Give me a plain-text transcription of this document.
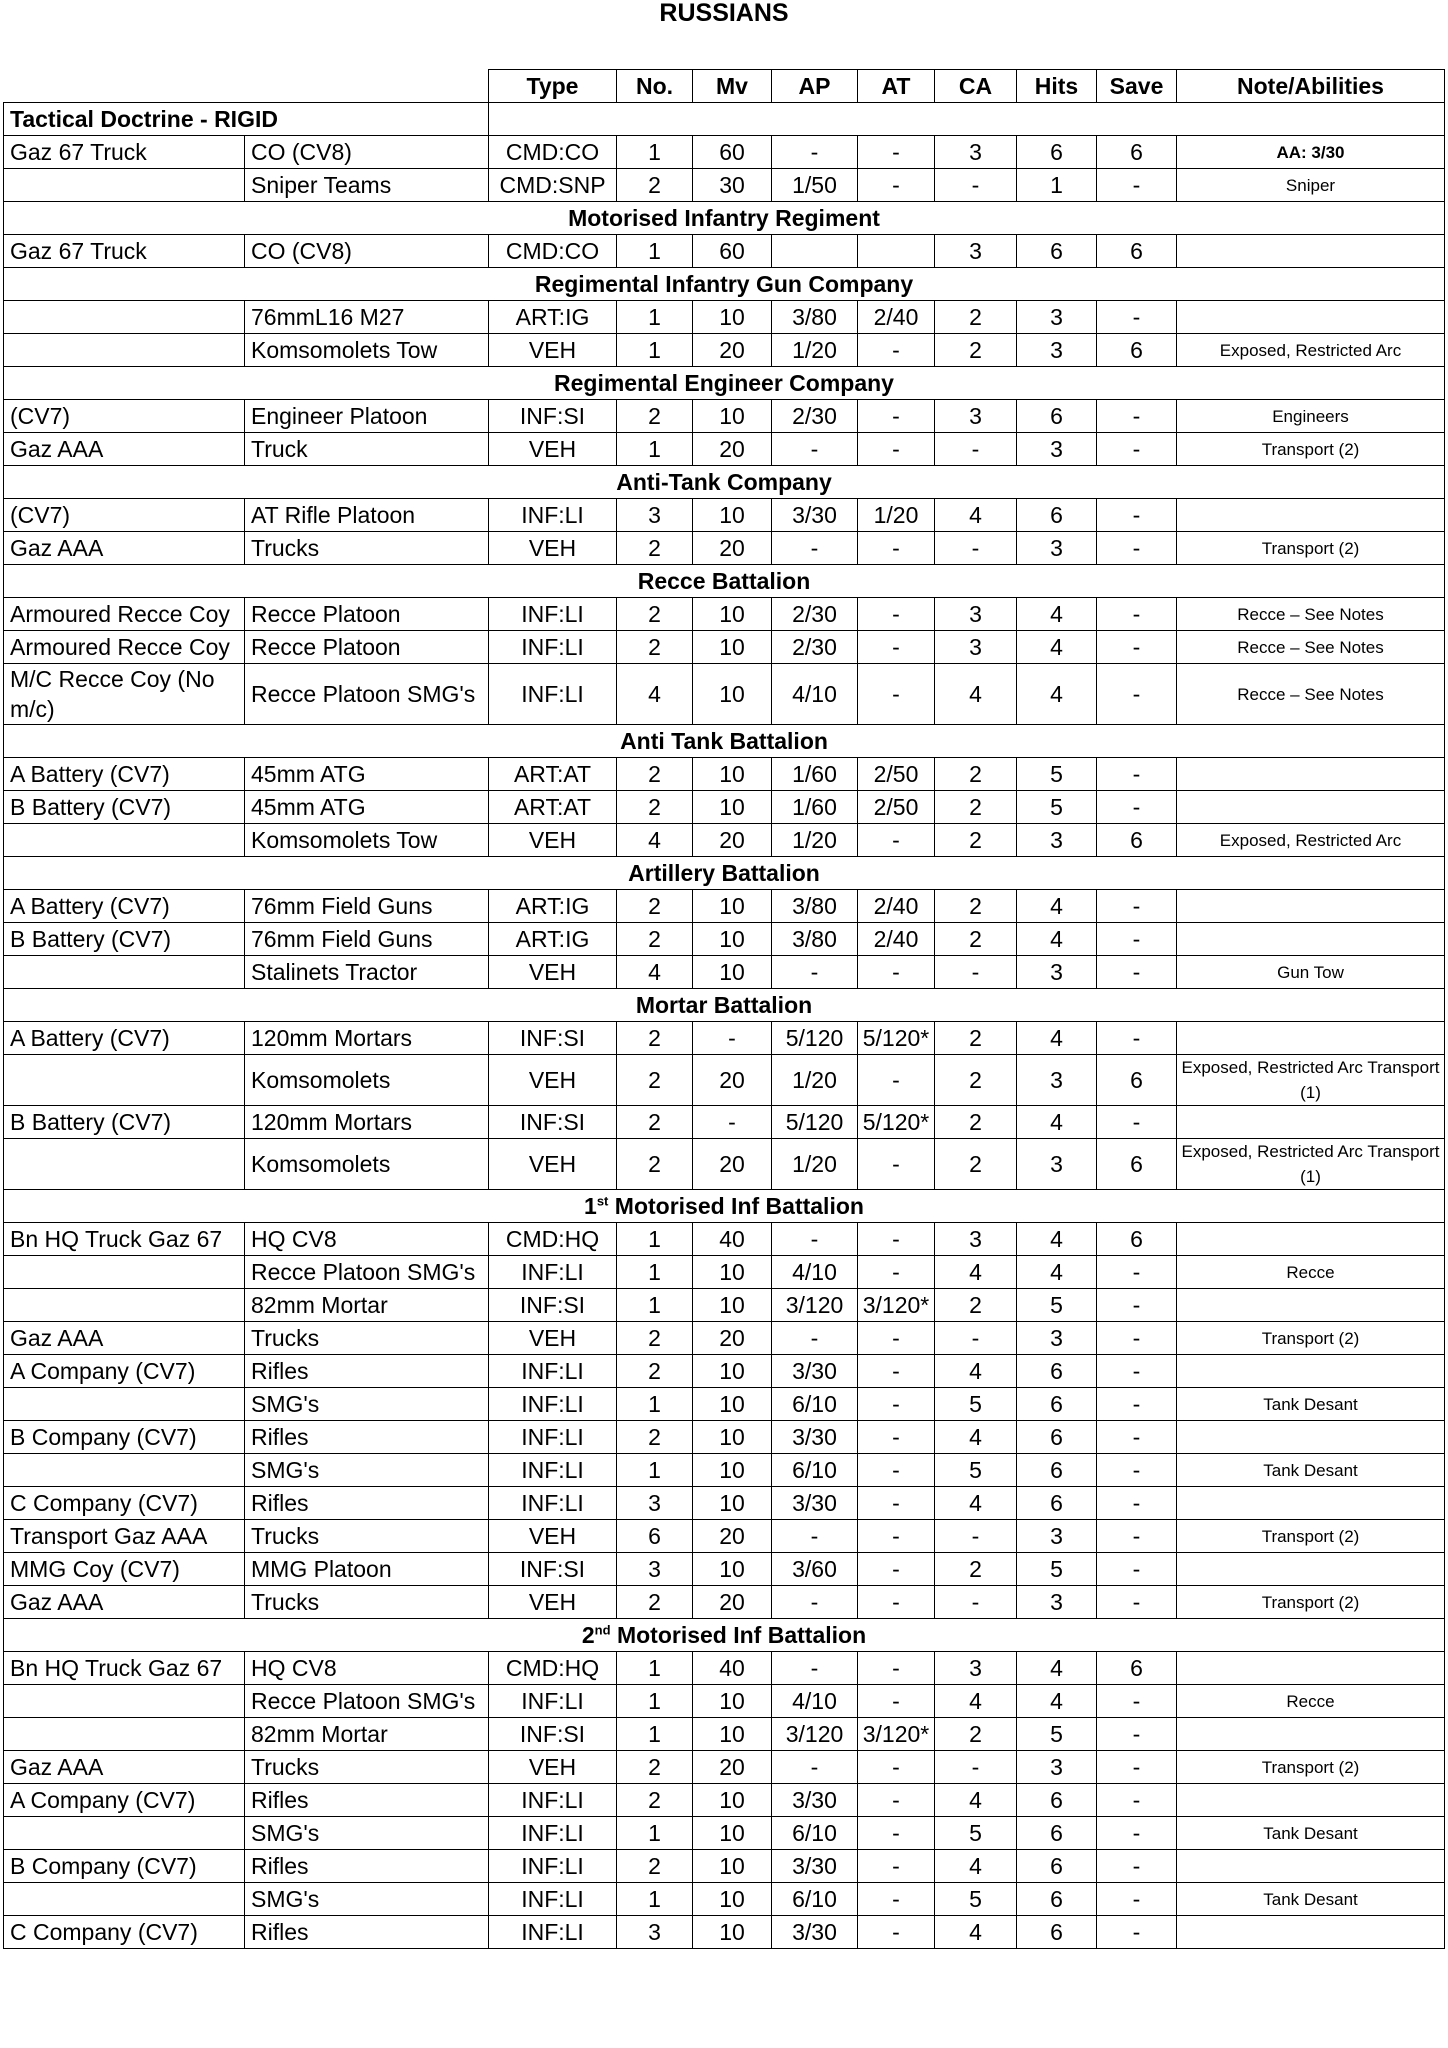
RUSSIANS
		Type	No.	Mv	AP	AT	CA	Hits	Save	Note/Abilities
Tactical Doctrine - RIGID										
Gaz 67 Truck	CO (CV8)	CMD:CO	1	60	-	-	3	6	6	AA: 3/30
	Sniper Teams	CMD:SNP	2	30	1/50	-	-	1	-	Sniper
Motorised Infantry Regiment										
Gaz 67 Truck	CO (CV8)	CMD:CO	1	60			3	6	6	
Regimental Infantry Gun Company										
	76mmL16 M27	ART:IG	1	10	3/80	2/40	2	3	-	
	Komsomolets Tow	VEH	1	20	1/20	-	2	3	6	Exposed, Restricted Arc
Regimental Engineer Company										
(CV7)	Engineer Platoon	INF:SI	2	10	2/30	-	3	6	-	Engineers
Gaz AAA	Truck	VEH	1	20	-	-	-	3	-	Transport (2)
Anti-Tank Company										
(CV7)	AT Rifle Platoon	INF:LI	3	10	3/30	1/20	4	6	-	
Gaz AAA	Trucks	VEH	2	20	-	-	-	3	-	Transport (2)
Recce Battalion										
Armoured Recce Coy	Recce Platoon	INF:LI	2	10	2/30	-	3	4	-	Recce – See Notes
Armoured Recce Coy	Recce Platoon	INF:LI	2	10	2/30	-	3	4	-	Recce – See Notes
M/C Recce Coy (No m/c)	Recce Platoon SMG's	INF:LI	4	10	4/10	-	4	4	-	Recce – See Notes
Anti Tank Battalion										
A Battery (CV7)	45mm ATG	ART:AT	2	10	1/60	2/50	2	5	-	
B Battery (CV7)	45mm ATG	ART:AT	2	10	1/60	2/50	2	5	-	
	Komsomolets Tow	VEH	4	20	1/20	-	2	3	6	Exposed, Restricted Arc
Artillery Battalion										
A Battery (CV7)	76mm Field Guns	ART:IG	2	10	3/80	2/40	2	4	-	
B Battery (CV7)	76mm Field Guns	ART:IG	2	10	3/80	2/40	2	4	-	
	Stalinets Tractor	VEH	4	10	-	-	-	3	-	Gun Tow
Mortar Battalion										
A Battery (CV7)	120mm Mortars	INF:SI	2	-	5/120	5/120*	2	4	-	
	Komsomolets	VEH	2	20	1/20	-	2	3	6	Exposed, Restricted Arc Transport (1)
B Battery (CV7)	120mm Mortars	INF:SI	2	-	5/120	5/120*	2	4	-	
	Komsomolets	VEH	2	20	1/20	-	2	3	6	Exposed, Restricted Arc Transport (1)
1st Motorised Inf Battalion										
Bn HQ Truck Gaz 67	HQ CV8	CMD:HQ	1	40	-	-	3	4	6	
	Recce Platoon SMG's	INF:LI	1	10	4/10	-	4	4	-	Recce
	82mm Mortar	INF:SI	1	10	3/120	3/120*	2	5	-	
Gaz AAA	Trucks	VEH	2	20	-	-	-	3	-	Transport (2)
A Company (CV7)	Rifles	INF:LI	2	10	3/30	-	4	6	-	
	SMG's	INF:LI	1	10	6/10	-	5	6	-	Tank Desant
B Company (CV7)	Rifles	INF:LI	2	10	3/30	-	4	6	-	
	SMG's	INF:LI	1	10	6/10	-	5	6	-	Tank Desant
C Company (CV7)	Rifles	INF:LI	3	10	3/30	-	4	6	-	
Transport Gaz AAA	Trucks	VEH	6	20	-	-	-	3	-	Transport (2)
MMG Coy (CV7)	MMG Platoon	INF:SI	3	10	3/60	-	2	5	-	
Gaz AAA	Trucks	VEH	2	20	-	-	-	3	-	Transport (2)
2nd Motorised Inf Battalion										
Bn HQ Truck Gaz 67	HQ CV8	CMD:HQ	1	40	-	-	3	4	6	
	Recce Platoon SMG's	INF:LI	1	10	4/10	-	4	4	-	Recce
	82mm Mortar	INF:SI	1	10	3/120	3/120*	2	5	-	
Gaz AAA	Trucks	VEH	2	20	-	-	-	3	-	Transport (2)
A Company (CV7)	Rifles	INF:LI	2	10	3/30	-	4	6	-	
	SMG's	INF:LI	1	10	6/10	-	5	6	-	Tank Desant
B Company (CV7)	Rifles	INF:LI	2	10	3/30	-	4	6	-	
	SMG's	INF:LI	1	10	6/10	-	5	6	-	Tank Desant
C Company (CV7)	Rifles	INF:LI	3	10	3/30	-	4	6	-	
